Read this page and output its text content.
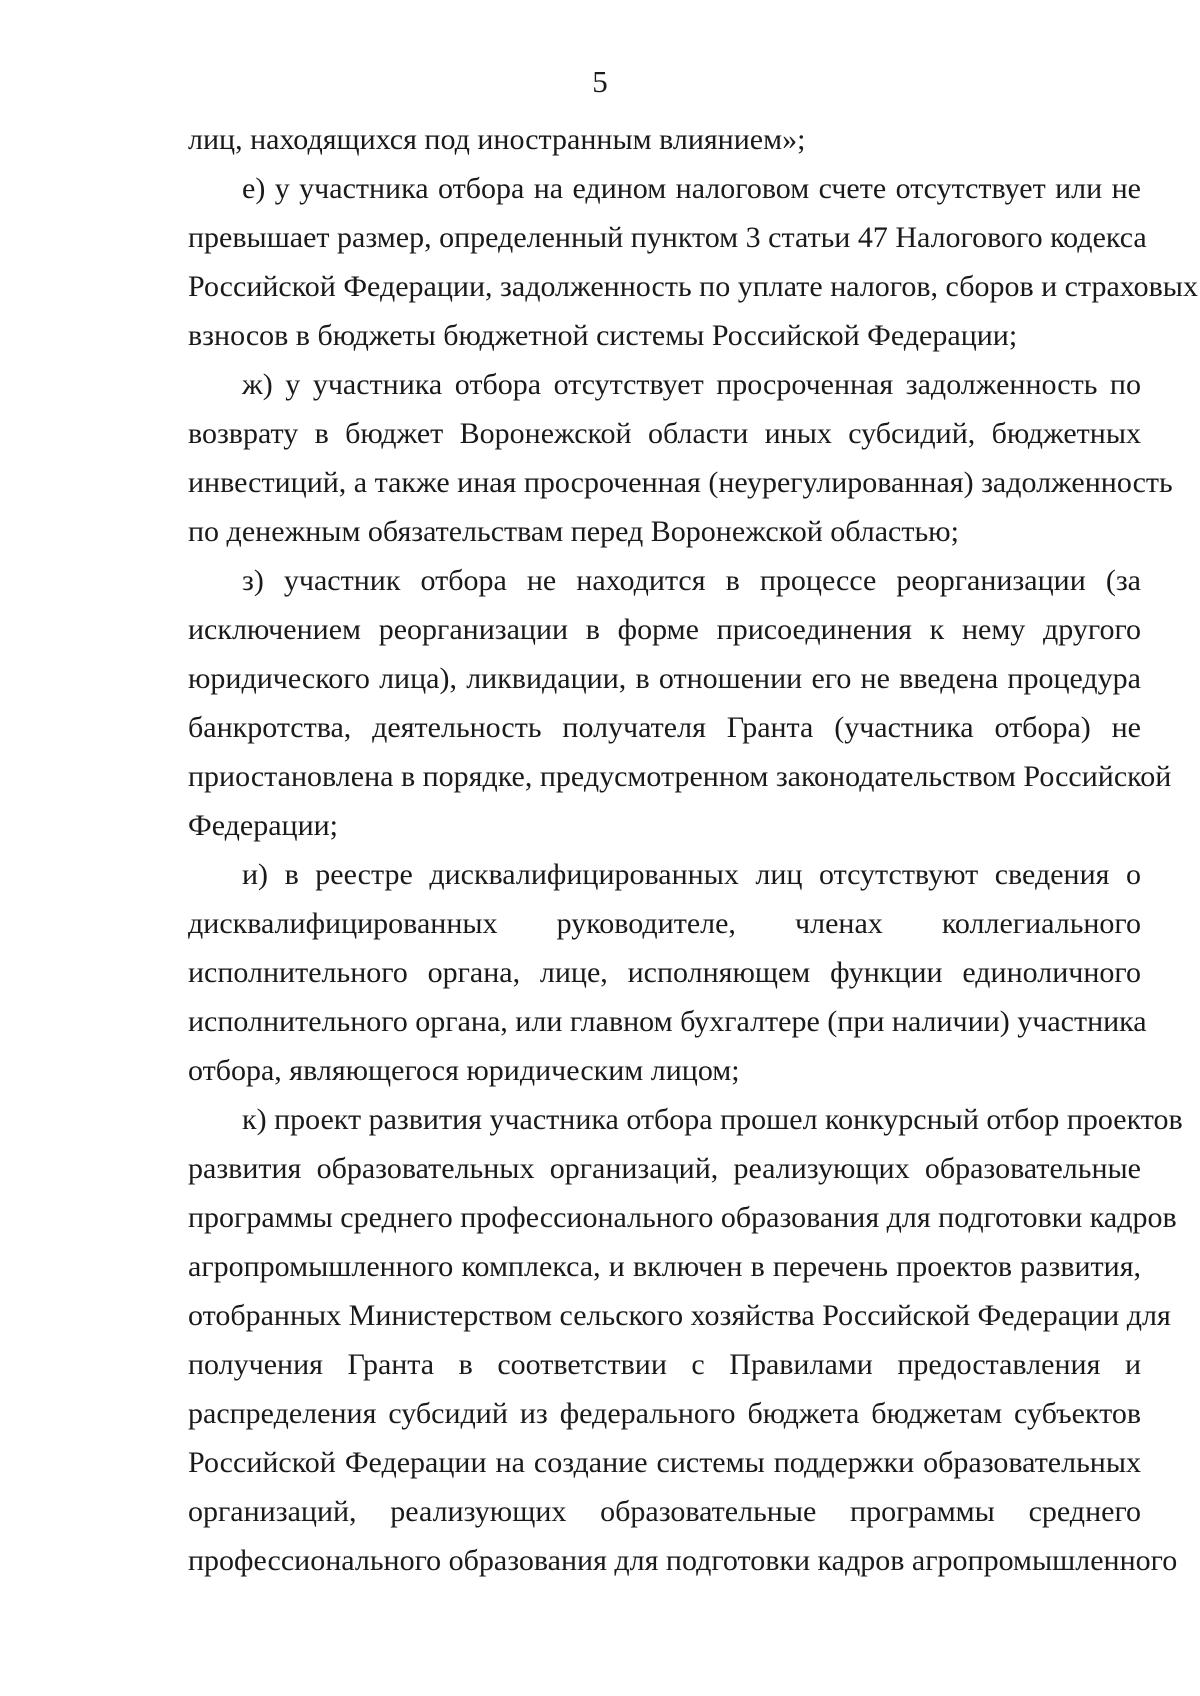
5
лиц, находящихся под иностранным влиянием»;
е) у участника отбора на едином налоговом счете отсутствует или не
превышает размер, определенный пунктом 3 статьи 47 Налогового кодекса
Российской Федерации, задолженность по уплате налогов, сборов и страховых
взносов в бюджеты бюджетной системы Российской Федерации;
ж) у участника отбора отсутствует просроченная задолженность по
возврату в бюджет Воронежской области иных субсидий, бюджетных
инвестиций, а также иная просроченная (неурегулированная) задолженность
по денежным обязательствам перед Воронежской областью;
з) участник отбора не находится в процессе реорганизации (за
исключением реорганизации в форме присоединения к нему другого
юридического лица), ликвидации, в отношении его не введена процедура
банкротства, деятельность получателя Гранта (участника отбора) не
приостановлена в порядке, предусмотренном законодательством Российской
Федерации;
и) в реестре дисквалифицированных лиц отсутствуют сведения о
дисквалифицированных руководителе, членах коллегиального
исполнительного органа, лице, исполняющем функции единоличного
исполнительного органа, или главном бухгалтере (при наличии) участника
отбора, являющегося юридическим лицом;
к) проект развития участника отбора прошел конкурсный отбор проектов
развития образовательных организаций, реализующих образовательные
программы среднего профессионального образования для подготовки кадров
агропромышленного комплекса, и включен в перечень проектов развития,
отобранных Министерством сельского хозяйства Российской Федерации для
получения Гранта в соответствии с Правилами предоставления и
распределения субсидий из федерального бюджета бюджетам субъектов
Российской Федерации на создание системы поддержки образовательных
организаций, реализующих образовательные программы среднего
профессионального образования для подготовки кадров агропромышленного
